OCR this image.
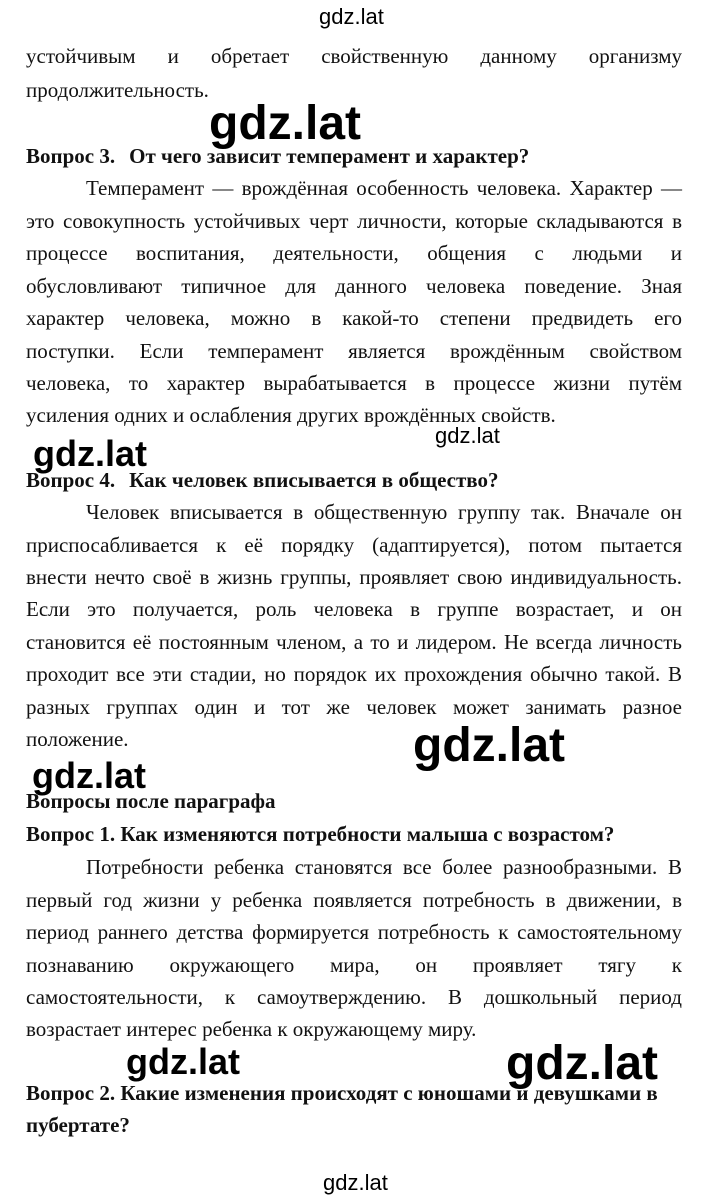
gdz.lat
gdz.lat
gdz.lat	gdz.lat
gdz.lat
gdz.lat
gdz.lat	gdz.lat
gdz.lat
устойчивым и обретает свойственную данному организму
продолжительность.
Вопрос 3. От чего зависит темперамент и характер?
Темперамент — врождённая особенность человека. Характер —
это совокупность устойчивых черт личности, которые складываются в
процессе воспитания, деятельности, общения с людьми и
обусловливают типичное для данного человека поведение. Зная
характер человека, можно в какой-то степени предвидеть его
поступки. Если темперамент является врождённым свойством
человека, то характер вырабатывается в процессе жизни путём
усиления одних и ослабления других врождённых свойств.
Вопрос 4. Как человек вписывается в общество?
Человек вписывается в общественную группу так. Вначале он
приспосабливается к её порядку (адаптируется), потом пытается
внести нечто своё в жизнь группы, проявляет свою индивидуальность.
Если это получается, роль человека в группе возрастает, и он
становится её постоянным членом, а то и лидером. Не всегда личность
проходит все эти стадии, но порядок их прохождения обычно такой. В
разных группах один и тот же человек может занимать разное
положение.
Вопросы после параграфа
Вопрос 1. Как изменяются потребности малыша с возрастом?
Потребности ребенка становятся все более разнообразными. В
первый год жизни у ребенка появляется потребность в движении, в
период раннего детства формируется потребность к самостоятельному
познаванию окружающего мира, он проявляет тягу к
самостоятельности, к самоутверждению. В дошкольный период
возрастает интерес ребенка к окружающему миру.
Вопрос 2. Какие изменения происходят с юношами и девушками в
пубертате?
